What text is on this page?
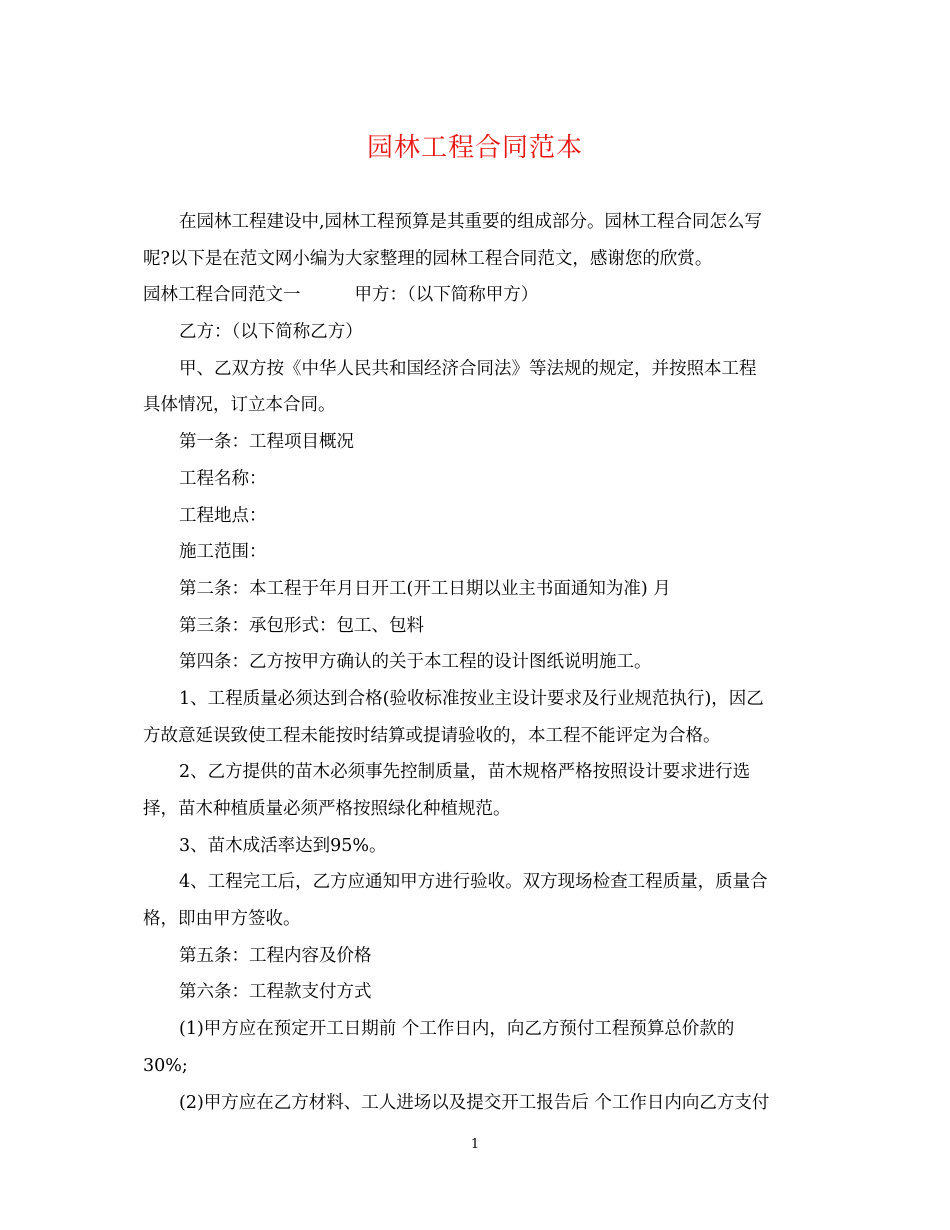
园林工程合同范本
在园林工程建设中,园林工程预算是其重要的组成部分。园林工程合同怎么写
呢?以下是在范文网小编为大家整理的园林工程合同范文，感谢您的欣赏。
园林工程合同范文一	甲方：（以下简称甲方）
乙方：（以下简称乙方）
甲、乙双方按《中华人民共和国经济合同法》等法规的规定，并按照本工程
具体情况，订立本合同。
第一条：工程项目概况
工程名称：
工程地点：
施工范围：
第二条：本工程于年月日开工(开工日期以业主书面通知为准) 月
第三条：承包形式：包工、包料
第四条：乙方按甲方确认的关于本工程的设计图纸说明施工。
1、工程质量必须达到合格(验收标准按业主设计要求及行业规范执行)，因乙
方故意延误致使工程未能按时结算或提请验收的，本工程不能评定为合格。
2、乙方提供的苗木必须事先控制质量，苗木规格严格按照设计要求进行选
择，苗木种植质量必须严格按照绿化种植规范。
3、苗木成活率达到95%。
4、工程完工后，乙方应通知甲方进行验收。双方现场检查工程质量，质量合
格，即由甲方签收。
第五条：工程内容及价格
第六条：工程款支付方式
(1)甲方应在预定开工日期前 个工作日内，向乙方预付工程预算总价款的
30%;
(2)甲方应在乙方材料、工人进场以及提交开工报告后 个工作日内向乙方支付
1
